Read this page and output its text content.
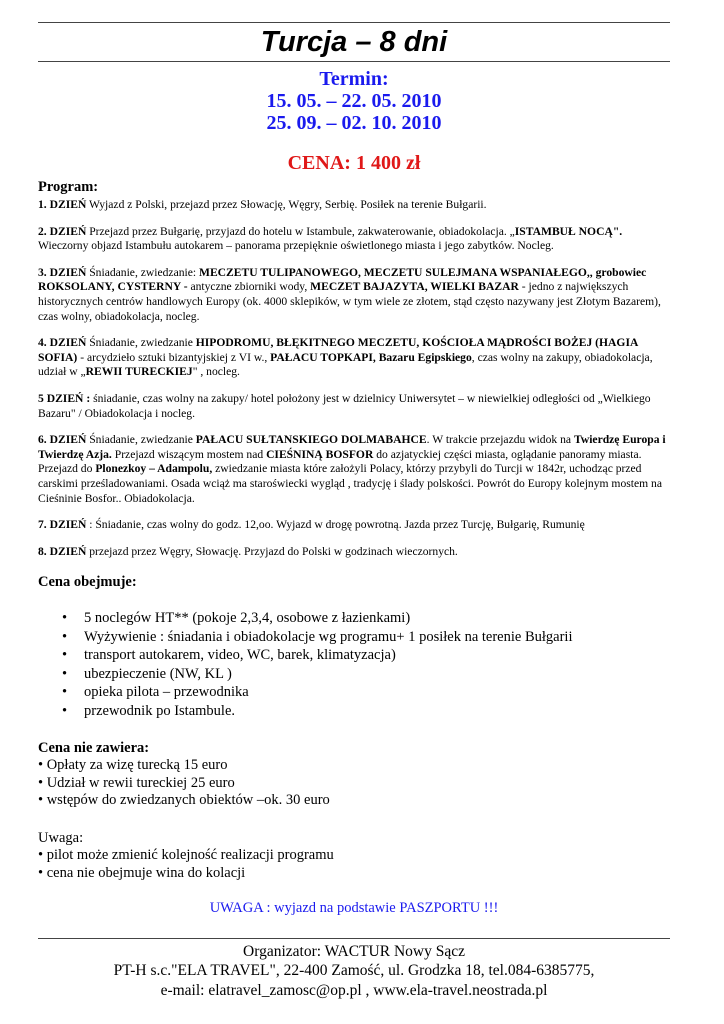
Turcja – 8 dni
Termin:
15. 05. – 22. 05. 2010
25. 09. – 02. 10. 2010
CENA: 1 400 zł
Program:

1. DZIEŃ Wyjazd z Polski, przejazd przez Słowację, Węgry, Serbię. Posiłek na terenie Bułgarii.

2. DZIEŃ Przejazd przez Bułgarię, przyjazd do hotelu w Istambule, zakwaterowanie, obiadokolacja. „ISTAMBUŁ NOCĄ". Wieczorny objazd Istambułu autokarem – panorama przepięknie oświetlonego miasta i jego zabytków. Nocleg.

3. DZIEŃ Śniadanie, zwiedzanie: MECZETU TULIPANOWEGO, MECZETU SULEJMANA WSPANIAŁEGO,, grobowiec ROKSOLANY, CYSTERNY - antyczne zbiorniki wody, MECZET BAJAZYTA, WIELKI BAZAR - jedno z największych historycznych centrów handlowych Europy (ok. 4000 sklepików, w tym wiele ze złotem, stąd często nazywany jest Złotym Bazarem), czas wolny, obiadokolacja, nocleg.

4. DZIEŃ Śniadanie, zwiedzanie HIPODROMU, BŁĘKITNEGO MECZETU, KOŚCIOŁA MĄDROŚCI BOŻEJ (HAGIA SOFIA) - arcydzieło sztuki bizantyjskiej z VI w., PAŁACU TOPKAPI, Bazaru Egipskiego, czas wolny na zakupy, obiadokolacja, udział w „REWII TURECKIEJ" , nocleg.

5 DZIEŃ : śniadanie, czas wolny na zakupy/ hotel położony jest w dzielnicy Uniwersytet – w niewielkiej odległości od „Wielkiego Bazaru" / Obiadokolacja i nocleg.

6. DZIEŃ Śniadanie, zwiedzanie PAŁACU SUŁTANSKIEGO DOLMABAHCE. W trakcie przejazdu widok na Twierdzę Europa i Twierdzę Azja. Przejazd wiszącym mostem nad CIEŚNINĄ BOSFOR do azjatyckiej części miasta, oglądanie panoramy miasta. Przejazd do Plonezkoy – Adampolu, zwiedzanie miasta które założyli Polacy, którzy przybyli do Turcji w 1842r, uchodząc przed carskimi prześladowaniami. Osada wciąż ma staroświecki wygląd , tradycję i ślady polskości. Powrót do Europy kolejnym mostem na Cieśninie Bosfor.. Obiadokolacja.

7. DZIEŃ : Śniadanie, czas wolny do godz. 12,oo. Wyjazd w drogę powrotną. Jazda przez Turcję, Bułgarię, Rumunię

8. DZIEŃ przejazd przez Węgry, Słowację. Przyjazd do Polski w godzinach wieczornych.

Cena obejmuje:
• 5 noclegów HT** (pokoje 2,3,4, osobowe z łazienkami)
• Wyżywienie : śniadania i obiadokolacje wg programu+ 1 posiłek na terenie Bułgarii
• transport autokarem, video, WC, barek, klimatyzacja)
• ubezpieczenie (NW, KL )
• opieka pilota – przewodnika
• przewodnik po Istambule.
Cena nie zawiera:
• Opłaty za wizę turecką 15 euro
• Udział w rewii tureckiej 25 euro
• wstępów do zwiedzanych obiektów –ok. 30 euro
Uwaga:
• pilot może zmienić kolejność realizacji programu
• cena nie obejmuje wina do kolacji
UWAGA : wyjazd na podstawie PASZPORTU !!!
Organizator: WACTUR Nowy Sącz
PT-H s.c."ELA TRAVEL", 22-400 Zamość, ul. Grodzka 18, tel.084-6385775,
e-mail: elatravel_zamosc@op.pl , www.ela-travel.neostrada.pl
